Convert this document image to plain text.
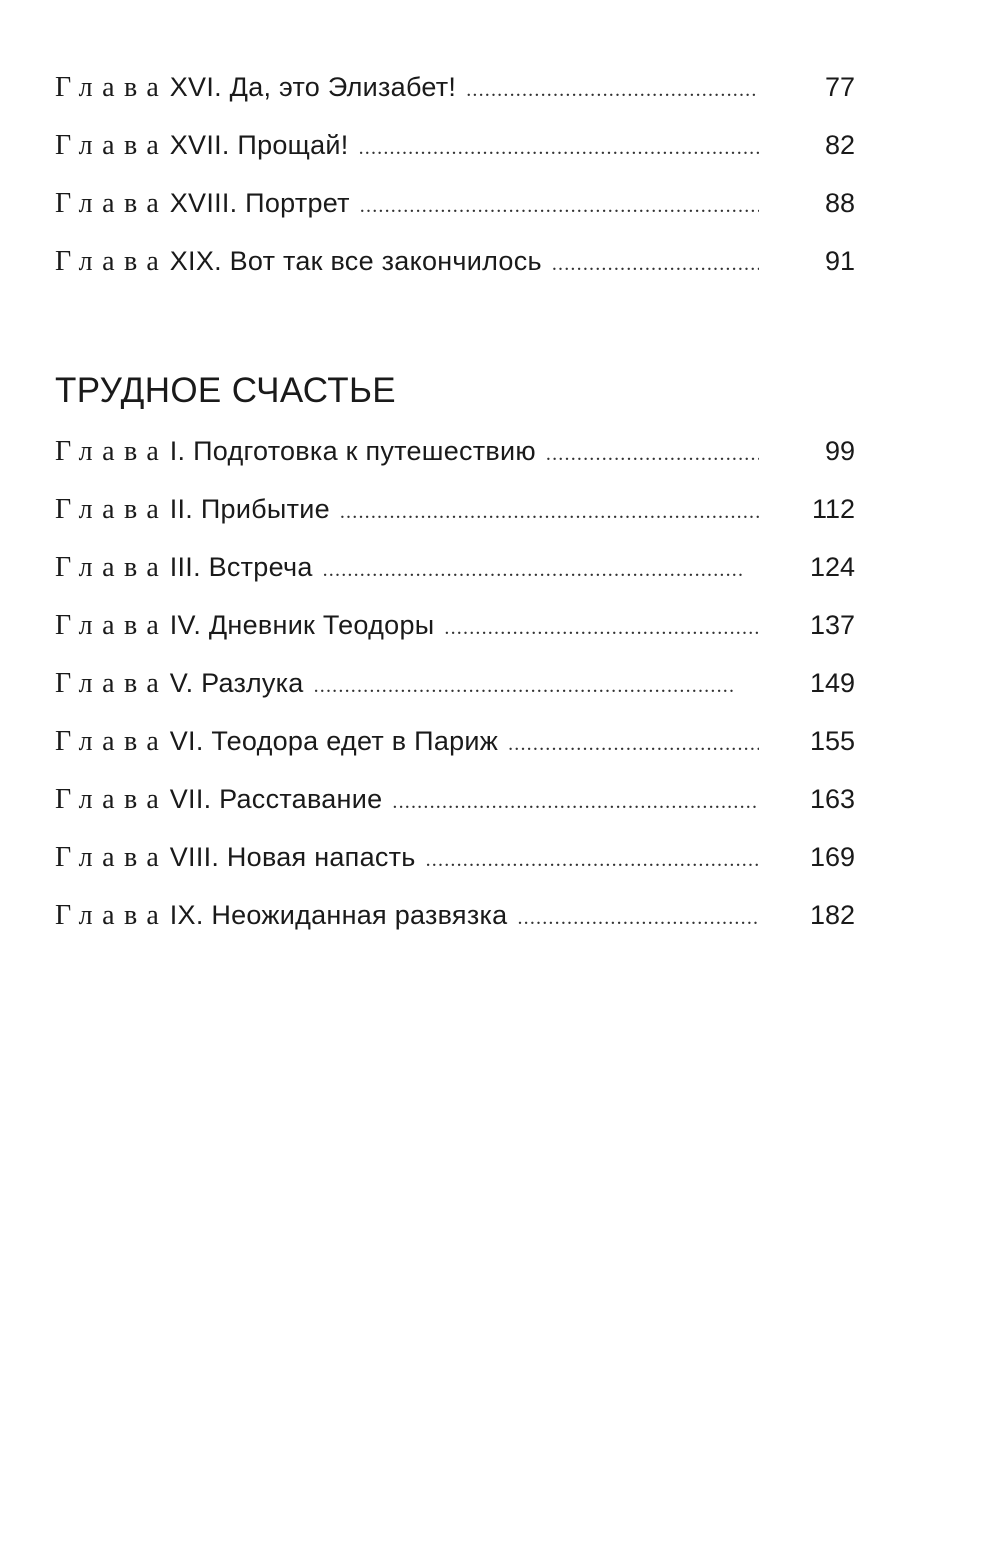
Глава XVI. Да, это Элизабет! .....	77
Глава XVII. Прощай! .....	82
Глава XVIII. Портрет .....	88
Глава XIX. Вот так все закончилось .....	91
ТРУДНОЕ СЧАСТЬЕ
Глава I. Подготовка к путешествию .....	99
Глава II. Прибытие .....	112
Глава III. Встреча .....	124
Глава IV. Дневник Теодоры .....	137
Глава V. Разлука .....	149
Глава VI. Теодора едет в Париж .....	155
Глава VII. Расставание .....	163
Глава VIII. Новая напасть .....	169
Глава IX. Неожиданная развязка .....	182
